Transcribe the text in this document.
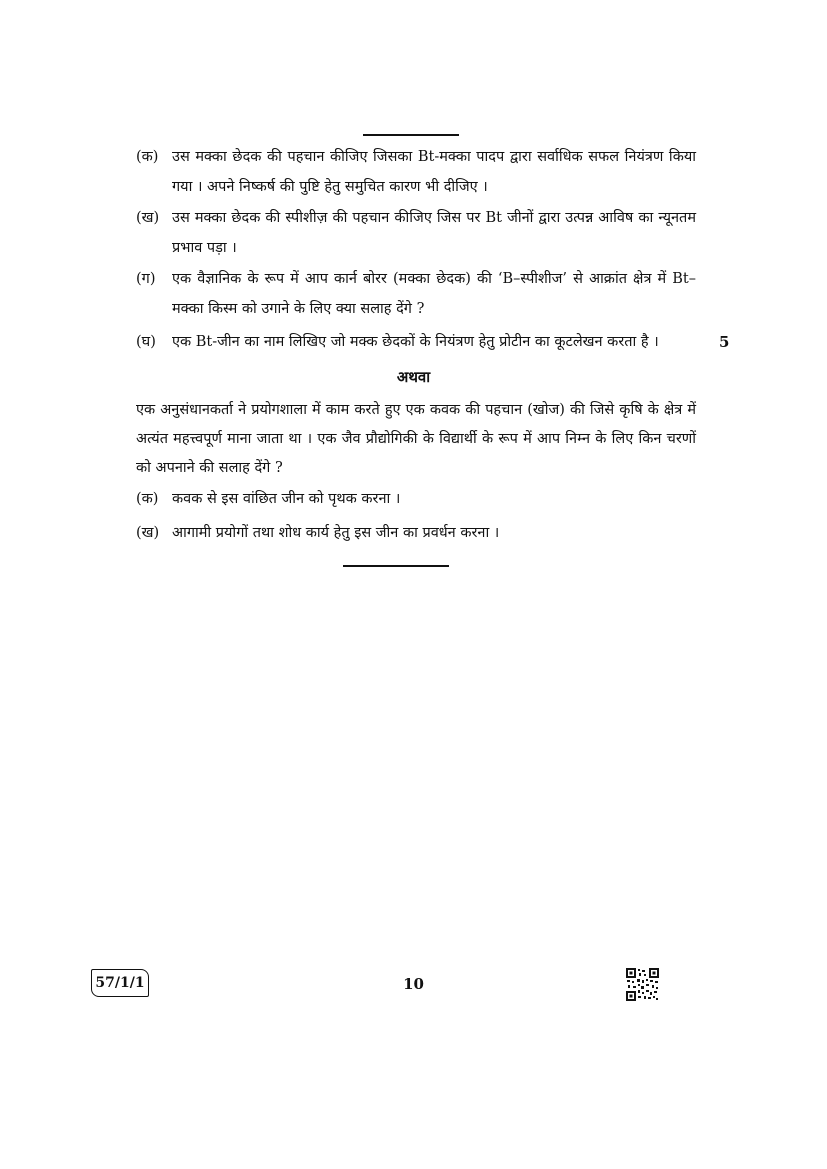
(क) उस मक्का छेदक की पहचान कीजिए जिसका Bt-मक्का पादप द्वारा सर्वाधिक सफल नियंत्रण किया गया । अपने निष्कर्ष की पुष्टि हेतु समुचित कारण भी दीजिए ।
(ख) उस मक्का छेदक की स्पीशीज़ की पहचान कीजिए जिस पर Bt जीनों द्वारा उत्पन्न आविष का न्यूनतम प्रभाव पड़ा ।
(ग)	एक वैज्ञानिक के रूप में आप कार्न बोरर (मक्का छेदक) की ‘B–स्पीशीज’ से आक्रांत क्षेत्र में Bt–मक्का किस्म को उगाने के लिए क्या सलाह देंगे ?
(घ)	एक Bt-जीन का नाम लिखिए जो मक्क छेदकों के नियंत्रण हेतु प्रोटीन का कूटलेखन करता है ।	5
अथवा
एक अनुसंधानकर्ता ने प्रयोगशाला में काम करते हुए एक कवक की पहचान (खोज) की जिसे कृषि के क्षेत्र में अत्यंत महत्त्वपूर्ण माना जाता था । एक जैव प्रौद्योगिकी के विद्यार्थी के रूप में आप निम्न के लिए किन चरणों को अपनाने की सलाह देंगे ?
(क) कवक से इस वांछित जीन को पृथक करना ।
(ख) आगामी प्रयोगों तथा शोध कार्य हेतु इस जीन का प्रवर्धन करना ।
57/1/1	10
